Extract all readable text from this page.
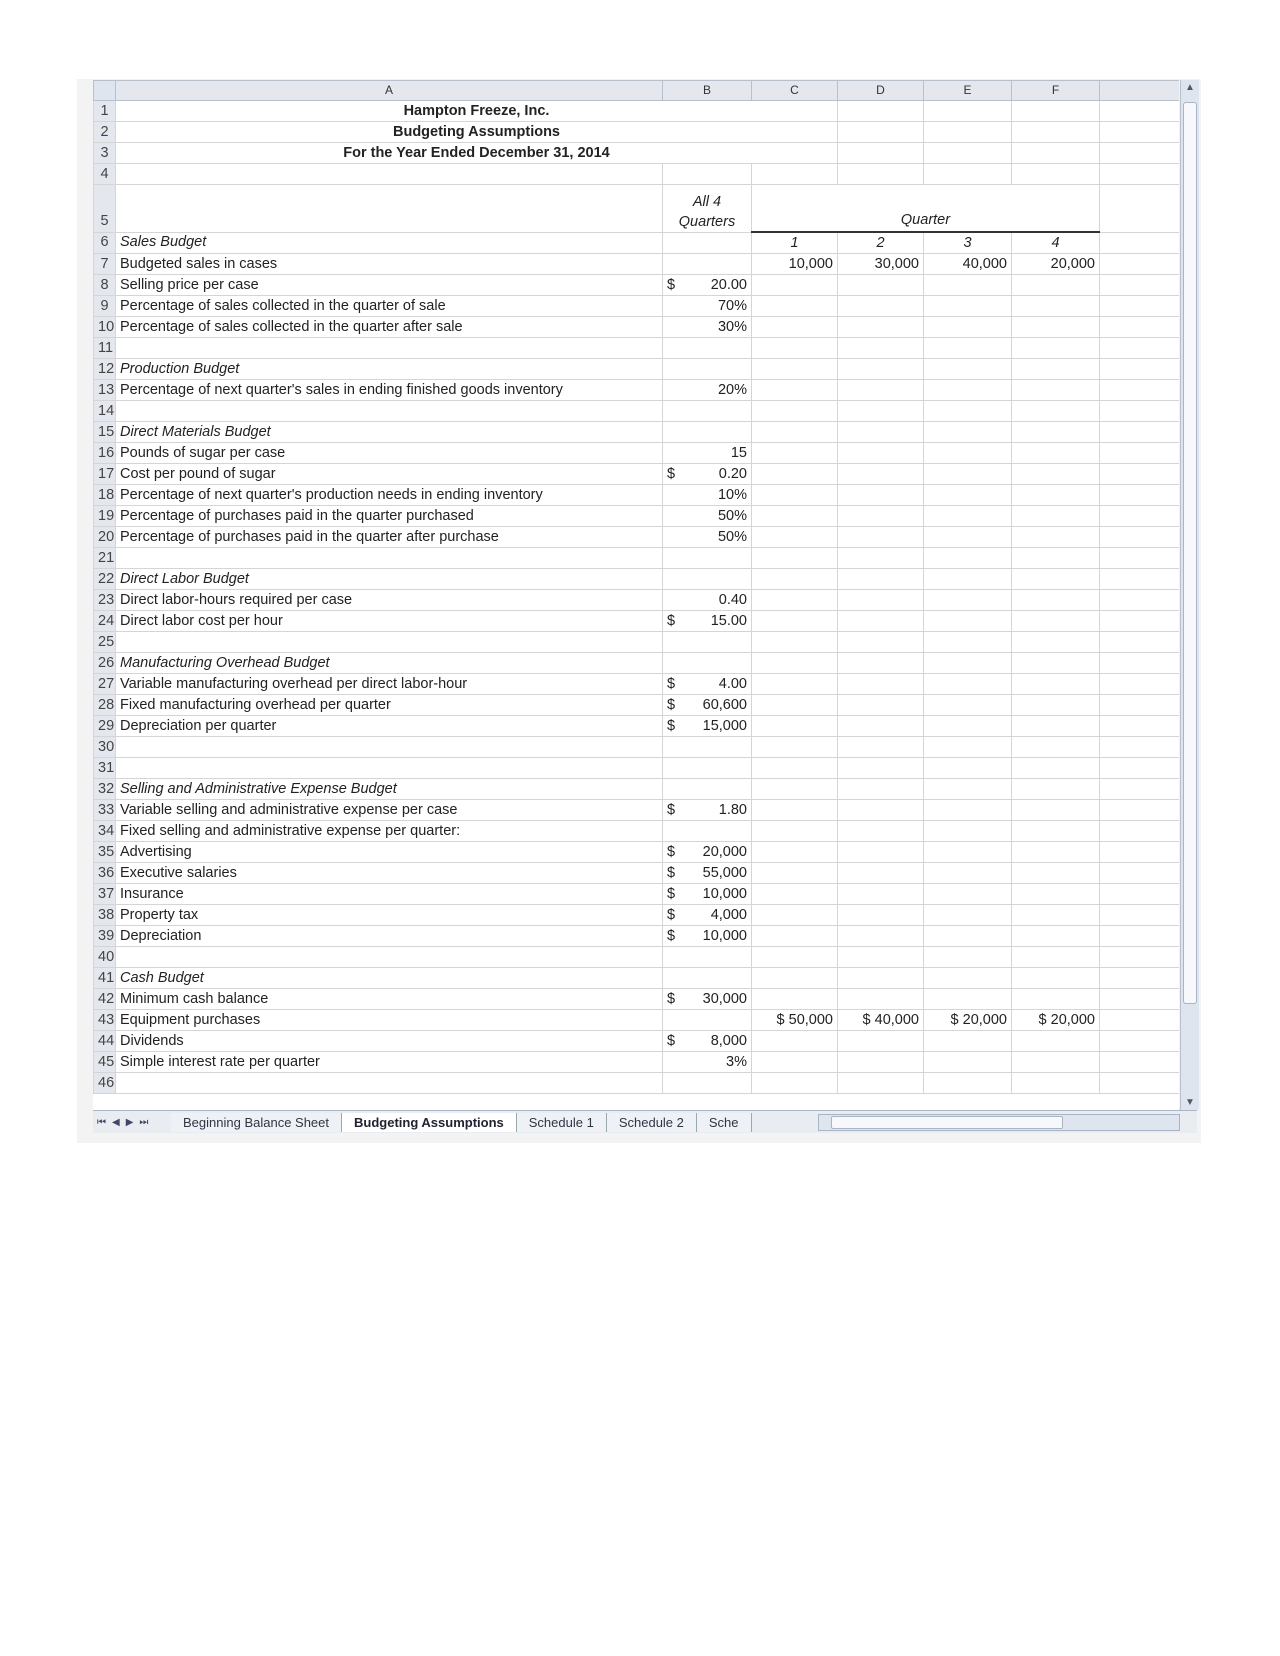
	A	B	C	D	E	F	
1	Hampton Freeze, Inc.						
2	Budgeting Assumptions						
3	For the Year Ended December 31, 2014						
4							
5		All 4
Quarters	Quarter				
6	Sales Budget		1	2	3	4	
7	Budgeted sales in cases		10,000	30,000	40,000	20,000	
8	Selling price per case	$ 20.00					

9	Percentage of sales collected in the quarter of sale	70%					
10	Percentage of sales collected in the quarter after sale	30%					
11							
12	Production Budget						
13	Percentage of next quarter's sales in ending finished goods inventory	20%					
14							
15	Direct Materials Budget						
16	Pounds of sugar per case	15					
17	Cost per pound of sugar	$ 0.20					

18	Percentage of next quarter's production needs in ending inventory	10%					
19	Percentage of purchases paid in the quarter purchased	50%					
20	Percentage of purchases paid in the quarter after purchase	50%					
21							
22	Direct Labor Budget						
23	Direct labor-hours required per case	0.40					
24	Direct labor cost per hour	$ 15.00					

25							
26	Manufacturing Overhead Budget						
27	Variable manufacturing overhead per direct labor-hour	$ 4.00					

28	Fixed manufacturing overhead per quarter	$ 60,600					

29	Depreciation per quarter	$ 15,000					

30							
31							
32	Selling and Administrative Expense Budget						
33	Variable selling and administrative expense per case	$ 1.80					

34	Fixed selling and administrative expense per quarter:						
35	Advertising	$ 20,000					

36	Executive salaries	$ 55,000					

37	Insurance	$ 10,000					

38	Property tax	$ 4,000					

39	Depreciation	$ 10,000					

40							
41	Cash Budget						
42	Minimum cash balance	$ 30,000					

43	Equipment purchases		$ 50,000	$ 40,000	$ 20,000	$ 20,000	
44	Dividends	$ 8,000					

45	Simple interest rate per quarter	3%					
46							
▲
▼
⏮ ◀ ▶ ⏭	Beginning Balance Sheet	Budgeting Assumptions	Schedule 1	Schedule 2	Sche
